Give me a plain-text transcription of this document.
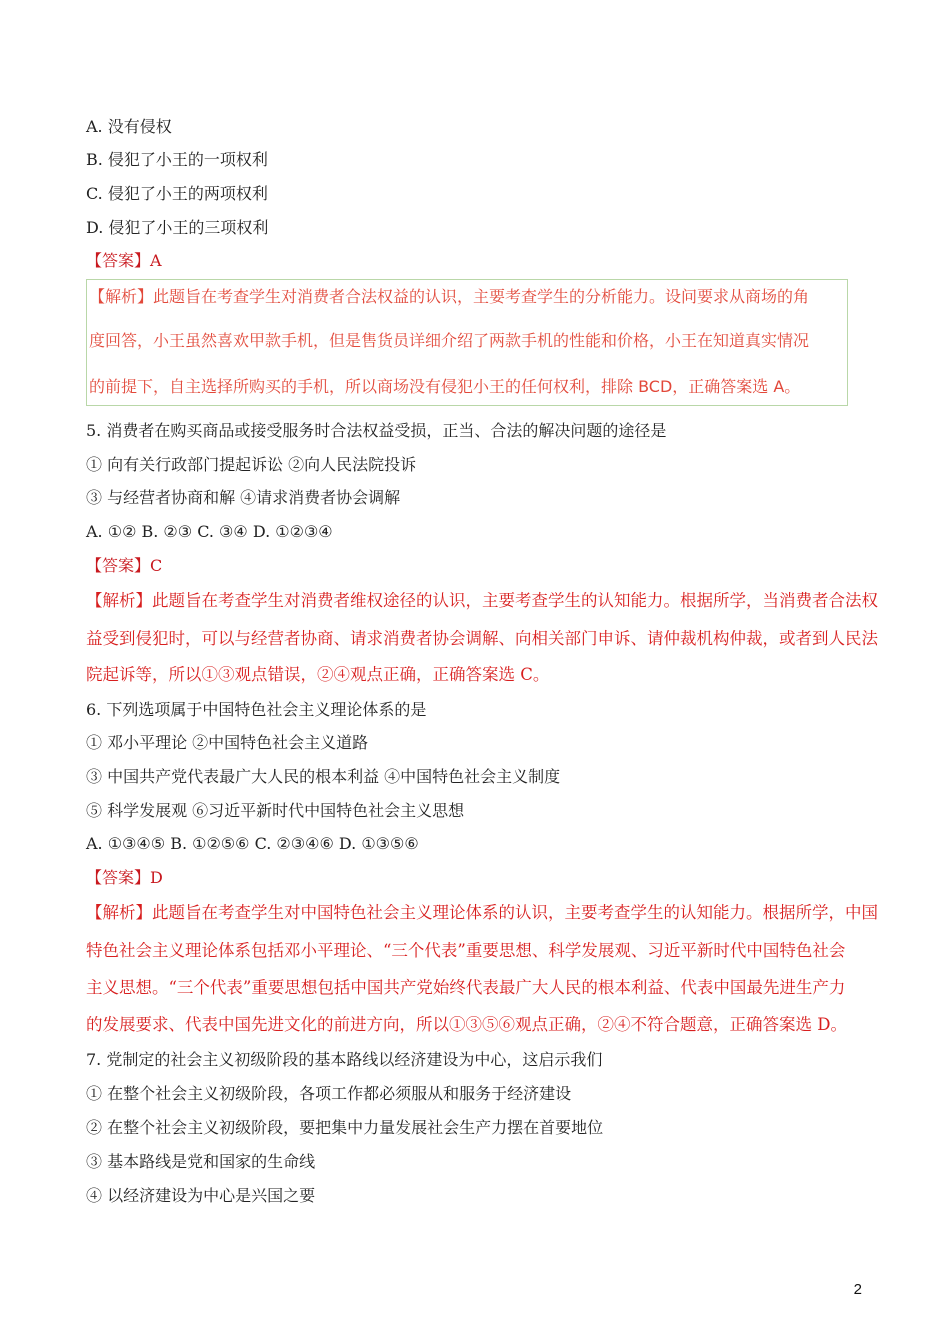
A. 没有侵权
B. 侵犯了小王的一项权利
C. 侵犯了小王的两项权利
D. 侵犯了小王的三项权利
【答案】A
【解析】此题旨在考查学生对消费者合法权益的认识，主要考查学生的分析能力。设问要求从商场的角
度回答，小王虽然喜欢甲款手机，但是售货员详细介绍了两款手机的性能和价格，小王在知道真实情况
的前提下，自主选择所购买的手机，所以商场没有侵犯小王的任何权利，排除 BCD，正确答案选 A。
5. 消费者在购买商品或接受服务时合法权益受损，正当、合法的解决问题的途径是
① 向有关行政部门提起诉讼 ②向人民法院投诉
③ 与经营者协商和解 ④请求消费者协会调解
A. ①② B. ②③ C. ③④ D. ①②③④
【答案】C
【解析】此题旨在考查学生对消费者维权途径的认识，主要考查学生的认知能力。根据所学，当消费者合法权
益受到侵犯时，可以与经营者协商、请求消费者协会调解、向相关部门申诉、请仲裁机构仲裁，或者到人民法
院起诉等，所以①③观点错误，②④观点正确，正确答案选 C。
6. 下列选项属于中国特色社会主义理论体系的是
① 邓小平理论 ②中国特色社会主义道路
③ 中国共产党代表最广大人民的根本利益 ④中国特色社会主义制度
⑤ 科学发展观 ⑥习近平新时代中国特色社会主义思想
A. ①③④⑤ B. ①②⑤⑥ C. ②③④⑥ D. ①③⑤⑥
【答案】D
【解析】此题旨在考查学生对中国特色社会主义理论体系的认识，主要考查学生的认知能力。根据所学，中国
特色社会主义理论体系包括邓小平理论、“三个代表”重要思想、科学发展观、习近平新时代中国特色社会
主义思想。“三个代表”重要思想包括中国共产党始终代表最广大人民的根本利益、代表中国最先进生产力
的发展要求、代表中国先进文化的前进方向，所以①③⑤⑥观点正确，②④不符合题意，正确答案选 D。
7. 党制定的社会主义初级阶段的基本路线以经济建设为中心，这启示我们
① 在整个社会主义初级阶段，各项工作都必须服从和服务于经济建设
② 在整个社会主义初级阶段，要把集中力量发展社会生产力摆在首要地位
③ 基本路线是党和国家的生命线
④ 以经济建设为中心是兴国之要
2
